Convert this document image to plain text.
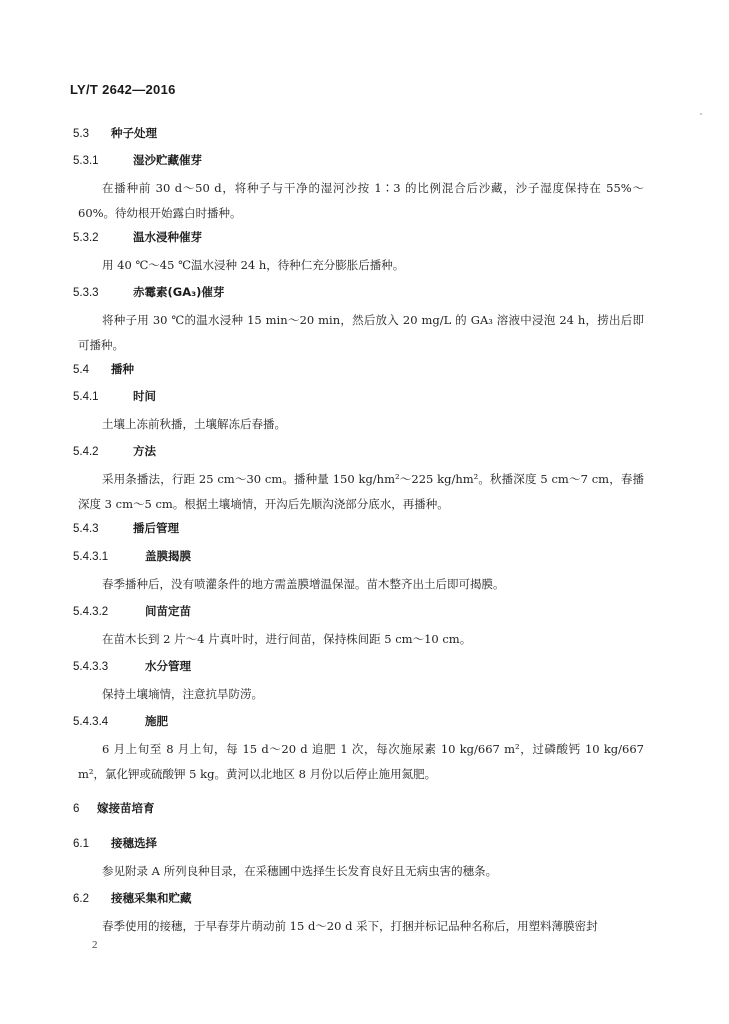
LY/T 2642—2016
5.3 种子处理
5.3.1	湿沙贮藏催芽
在播种前 30 d～50 d，将种子与干净的湿河沙按 1∶3 的比例混合后沙藏，沙子湿度保持在 55%～60%。待幼根开始露白时播种。
5.3.2	温水浸种催芽
用 40 ℃～45 ℃温水浸种 24 h，待种仁充分膨胀后播种。
5.3.3	赤霉素(GA₃)催芽
将种子用 30 ℃的温水浸种 15 min～20 min，然后放入 20 mg/L 的 GA₃ 溶液中浸泡 24 h，捞出后即可播种。
5.4 播种
5.4.1	时间
土壤上冻前秋播，土壤解冻后春播。
5.4.2	方法
采用条播法，行距 25 cm～30 cm。播种量 150 kg/hm²～225 kg/hm²。秋播深度 5 cm～7 cm，春播深度 3 cm～5 cm。根据土壤墒情，开沟后先顺沟浇部分底水，再播种。
5.4.3	播后管理
5.4.3.1	盖膜揭膜
春季播种后，没有喷灌条件的地方需盖膜增温保湿。苗木整齐出土后即可揭膜。
5.4.3.2	间苗定苗
在苗木长到 2 片～4 片真叶时，进行间苗，保持株间距 5 cm～10 cm。
5.4.3.3	水分管理
保持土壤墒情，注意抗旱防涝。
5.4.3.4	施肥
6 月上旬至 8 月上旬，每 15 d～20 d 追肥 1 次，每次施尿素 10 kg/667 m²，过磷酸钙 10 kg/667 m²，氯化钾或硫酸钾 5 kg。黄河以北地区 8 月份以后停止施用氮肥。
6 嫁接苗培育
6.1 接穗选择
参见附录 A 所列良种目录，在采穗圃中选择生长发育良好且无病虫害的穗条。
6.2 接穗采集和贮藏
春季使用的接穗，于早春芽片萌动前 15 d～20 d 采下，打捆并标记品种名称后，用塑料薄膜密封
2
